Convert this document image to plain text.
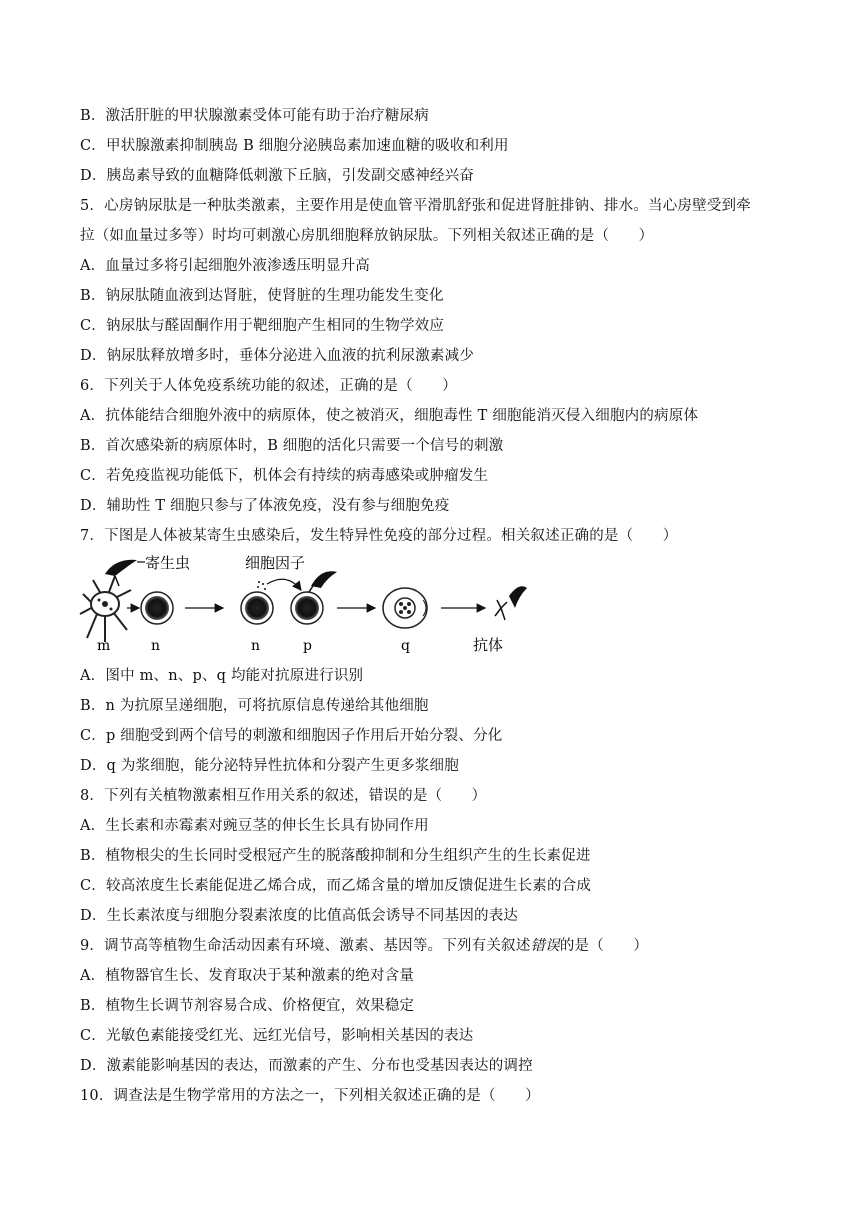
B．激活肝脏的甲状腺激素受体可能有助于治疗糖尿病
C．甲状腺激素抑制胰岛 B 细胞分泌胰岛素加速血糖的吸收和利用
D．胰岛素导致的血糖降低刺激下丘脑，引发副交感神经兴奋
5．心房钠尿肽是一种肽类激素，主要作用是使血管平滑肌舒张和促进肾脏排钠、排水。当心房壁受到牵
拉（如血量过多等）时均可刺激心房肌细胞释放钠尿肽。下列相关叙述正确的是（　　）
A．血量过多将引起细胞外液渗透压明显升高
B．钠尿肽随血液到达肾脏，使肾脏的生理功能发生变化
C．钠尿肽与醛固酮作用于靶细胞产生相同的生物学效应
D．钠尿肽释放增多时，垂体分泌进入血液的抗利尿激素减少
6．下列关于人体免疫系统功能的叙述，正确的是（　　）
A．抗体能结合细胞外液中的病原体，使之被消灭，细胞毒性 T 细胞能消灭侵入细胞内的病原体
B．首次感染新的病原体时，B 细胞的活化只需要一个信号的刺激
C．若免疫监视功能低下，机体会有持续的病毒感染或肿瘤发生
D．辅助性 T 细胞只参与了体液免疫，没有参与细胞免疫
7．下图是人体被某寄生虫感染后，发生特异性免疫的部分过程。相关叙述正确的是（　　）
寄生虫	细胞因子
m	n	n	p	q	抗体
A．图中 m、n、p、q 均能对抗原进行识别
B．n 为抗原呈递细胞，可将抗原信息传递给其他细胞
C．p 细胞受到两个信号的刺激和细胞因子作用后开始分裂、分化
D．q 为浆细胞，能分泌特异性抗体和分裂产生更多浆细胞
8．下列有关植物激素相互作用关系的叙述，错误的是（　　）
A．生长素和赤霉素对豌豆茎的伸长生长具有协同作用
B．植物根尖的生长同时受根冠产生的脱落酸抑制和分生组织产生的生长素促进
C．较高浓度生长素能促进乙烯合成，而乙烯含量的增加反馈促进生长素的合成
D．生长素浓度与细胞分裂素浓度的比值高低会诱导不同基因的表达
9．调节高等植物生命活动因素有环境、激素、基因等。下列有关叙述错误的是（　　）
A．植物器官生长、发育取决于某种激素的绝对含量
B．植物生长调节剂容易合成、价格便宜，效果稳定
C．光敏色素能接受红光、远红光信号，影响相关基因的表达
D．激素能影响基因的表达，而激素的产生、分布也受基因表达的调控
10．调查法是生物学常用的方法之一，下列相关叙述正确的是（　　）
